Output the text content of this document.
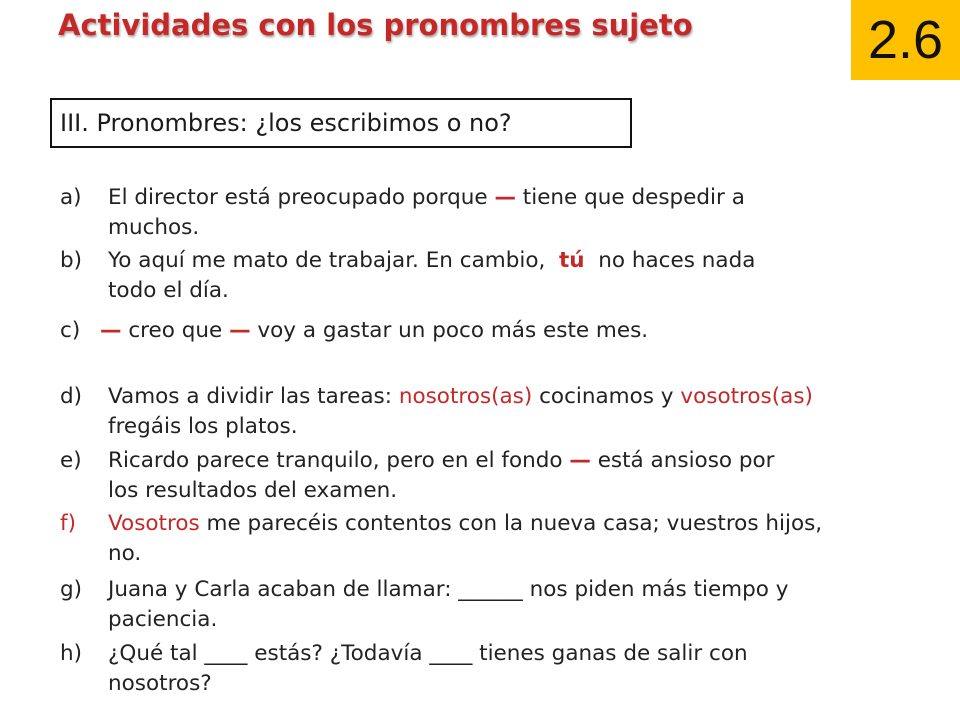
Actividades con los pronombres sujeto	2.6
III. Pronombres: ¿los escribimos o no?
a) El director está preocupado porque — tiene que despedir a
muchos.
b) Yo aquí me mato de trabajar. En cambio,  tú  no haces nada
todo el día.
c) — creo que — voy a gastar un poco más este mes.
d) Vamos a dividir las tareas: nosotros(as) cocinamos y vosotros(as)
fregáis los platos.
e) Ricardo parece tranquilo, pero en el fondo — está ansioso por
los resultados del examen.
f) Vosotros me parecéis contentos con la nueva casa; vuestros hijos,
no.
g) Juana y Carla acaban de llamar: ______ nos piden más tiempo y
paciencia.
h) ¿Qué tal ____ estás? ¿Todavía ____ tienes ganas de salir con
nosotros?
